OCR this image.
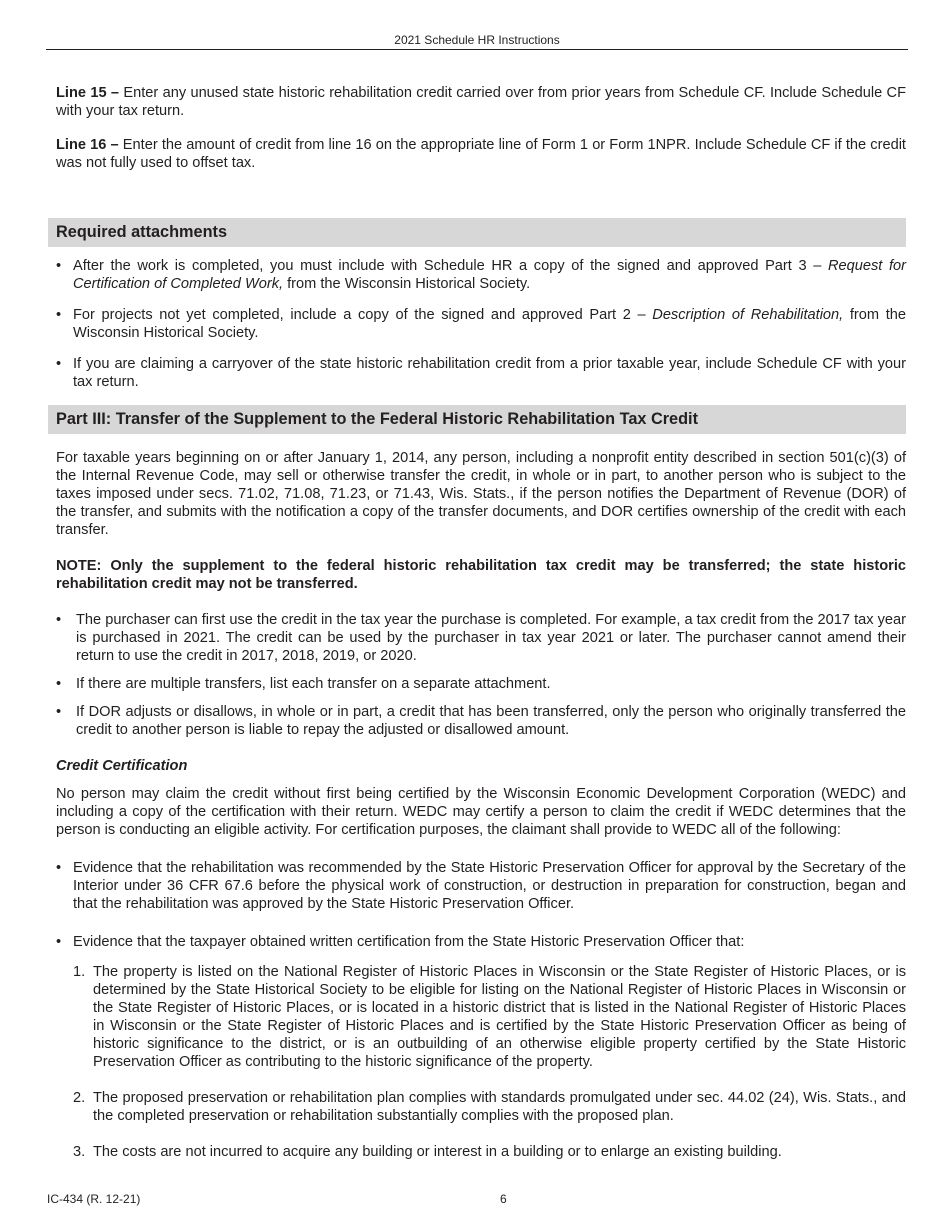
2021 Schedule HR Instructions

Line 15 – Enter any unused state historic rehabilitation credit carried over from prior years from Schedule CF. Include Schedule CF with your tax return.

Line 16 – Enter the amount of credit from line 16 on the appropriate line of Form 1 or Form 1NPR. Include Schedule CF if the credit was not fully used to offset tax.

Required attachments
• After the work is completed, you must include with Schedule HR a copy of the signed and approved Part 3 – Request for Certification of Completed Work, from the Wisconsin Historical Society.
• For projects not yet completed, include a copy of the signed and approved Part 2 – Description of Rehabilitation, from the Wisconsin Historical Society.
• If you are claiming a carryover of the state historic rehabilitation credit from a prior taxable year, include Schedule CF with your tax return.
Part III: Transfer of the Supplement to the Federal Historic Rehabilitation Tax Credit

For taxable years beginning on or after January 1, 2014, any person, including a nonprofit entity described in section 501(c)(3) of the Internal Revenue Code, may sell or otherwise transfer the credit, in whole or in part, to another person who is subject to the taxes imposed under secs. 71.02, 71.08, 71.23, or 71.43, Wis. Stats., if the person notifies the Department of Revenue (DOR) of the transfer, and submits with the notification a copy of the transfer documents, and DOR certifies ownership of the credit with each transfer.

NOTE: Only the supplement to the federal historic rehabilitation tax credit may be transferred; the state historic rehabilitation credit may not be transferred.

• The purchaser can first use the credit in the tax year the purchase is completed. For example, a tax credit from the 2017 tax year is purchased in 2021. The credit can be used by the purchaser in tax year 2021 or later. The purchaser cannot amend their return to use the credit in 2017, 2018, 2019, or 2020.
• If there are multiple transfers, list each transfer on a separate attachment.
• If DOR adjusts or disallows, in whole or in part, a credit that has been transferred, only the person who originally transferred the credit to another person is liable to repay the adjusted or disallowed amount.

Credit Certification

No person may claim the credit without first being certified by the Wisconsin Economic Development Corporation (WEDC) and including a copy of the certification with their return. WEDC may certify a person to claim the credit if WEDC determines that the person is conducting an eligible activity. For certification purposes, the claimant shall provide to WEDC all of the following:

• Evidence that the rehabilitation was recommended by the State Historic Preservation Officer for approval by the Secretary of the Interior under 36 CFR 67.6 before the physical work of construction, or destruction in preparation for construction, began and that the rehabilitation was approved by the State Historic Preservation Officer.
• Evidence that the taxpayer obtained written certification from the State Historic Preservation Officer that:
1. The property is listed on the National Register of Historic Places in Wisconsin or the State Register of Historic Places, or is determined by the State Historical Society to be eligible for listing on the National Register of Historic Places in Wisconsin or the State Register of Historic Places, or is located in a historic district that is listed in the National Register of Historic Places in Wisconsin or the State Register of Historic Places and is certified by the State Historic Preservation Officer as being of historic significance to the district, or is an outbuilding of an otherwise eligible property certified by the State Historic Preservation Officer as contributing to the historic significance of the property.
2. The proposed preservation or rehabilitation plan complies with standards promulgated under sec. 44.02 (24), Wis. Stats., and the completed preservation or rehabilitation substantially complies with the proposed plan.
3. The costs are not incurred to acquire any building or interest in a building or to enlarge an existing building.
IC-434 (R. 12-21)	6
